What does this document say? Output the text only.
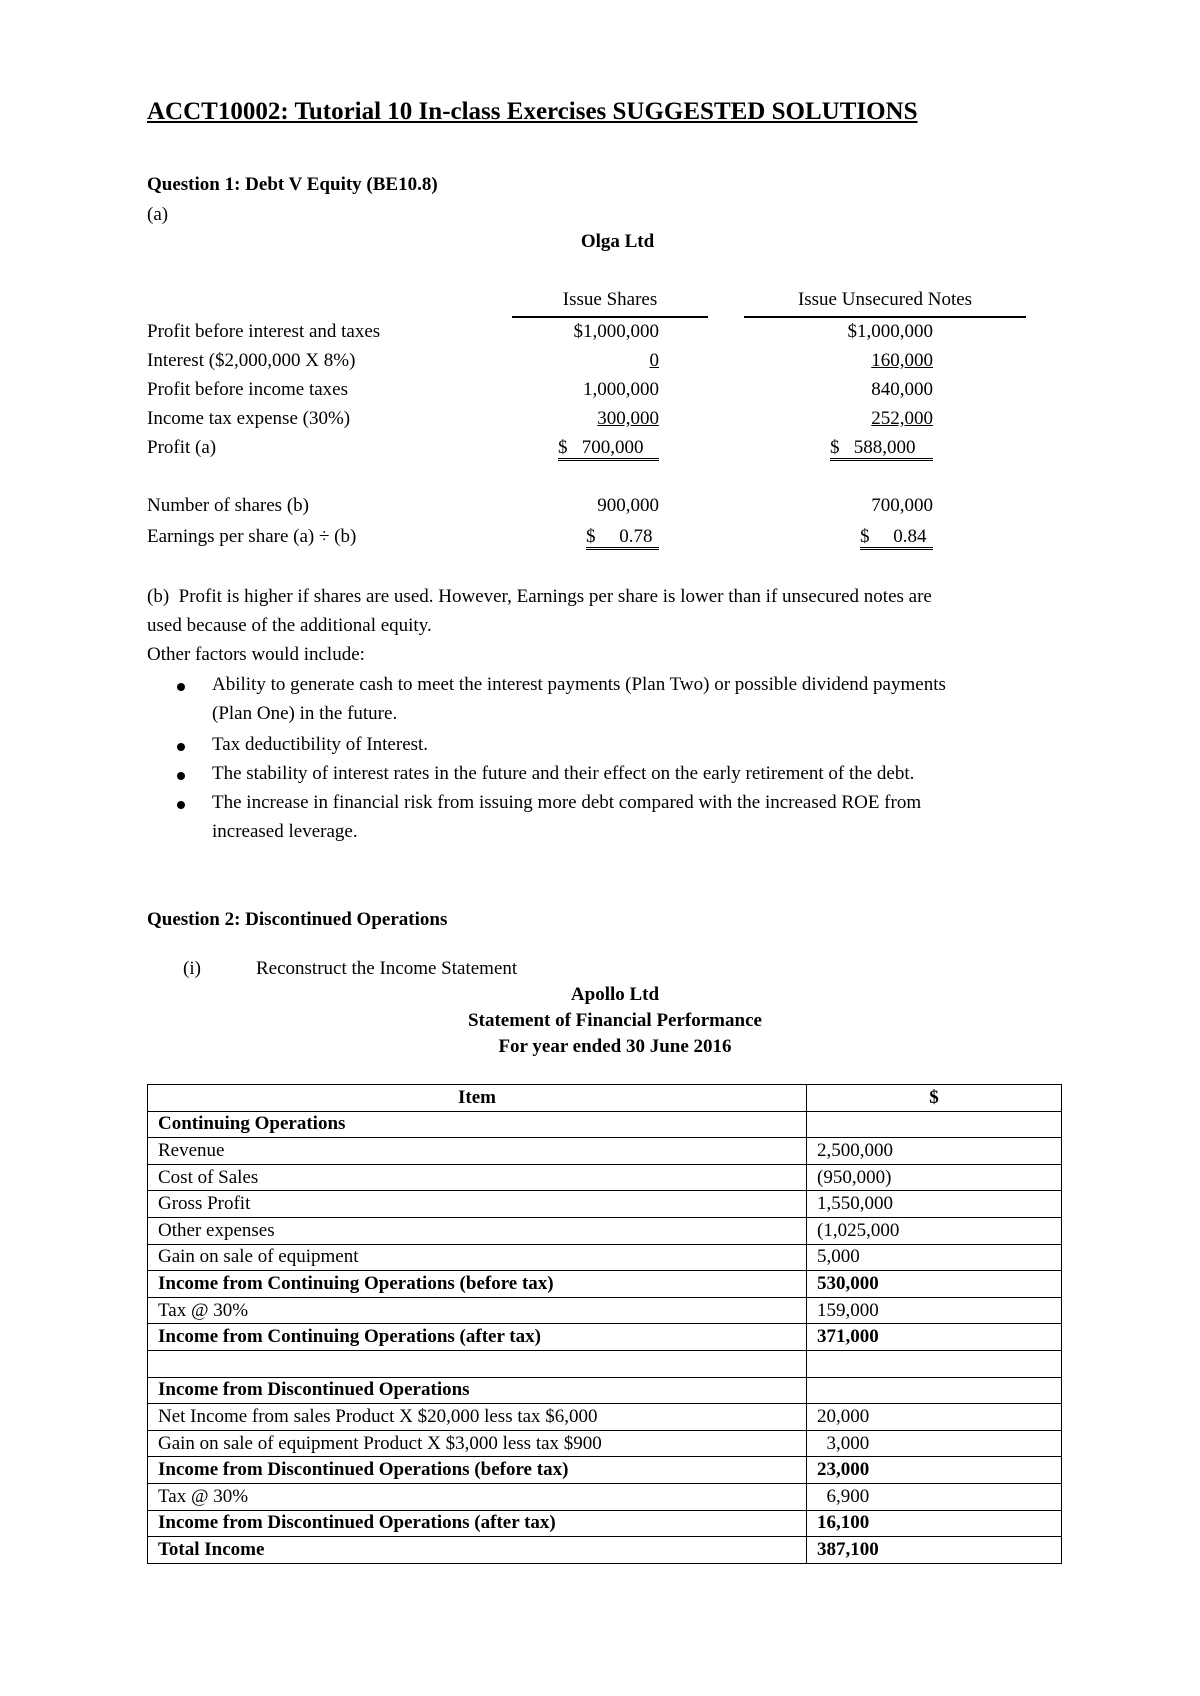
ACCT10002: Tutorial 10 In-class Exercises SUGGESTED SOLUTIONS
Question 1: Debt V Equity (BE10.8)
(a)
Olga Ltd
Issue Shares	Issue Unsecured Notes
Profit before interest and taxes	$1,000,000	$1,000,000
Interest ($2,000,000 X 8%)	0	160,000
Profit before income taxes	1,000,000	840,000
Income tax expense (30%)	300,000	252,000
Profit (a)	$   700,000	$   588,000
Number of shares (b)	900,000	700,000
Earnings per share (a) ÷ (b)	$     0.78	$     0.84
(b)  Profit is higher if shares are used. However, Earnings per share is lower than if unsecured notes are
used because of the additional equity.
Other factors would include:
Ability to generate cash to meet the interest payments (Plan Two) or possible dividend payments
(Plan One) in the future.
Tax deductibility of Interest.
The stability of interest rates in the future and their effect on the early retirement of the debt.
The increase in financial risk from issuing more debt compared with the increased ROE from
increased leverage.
Question 2: Discontinued Operations
(i)	Reconstruct the Income Statement
Apollo Ltd
Statement of Financial Performance
For year ended 30 June 2016
Item	$
Continuing Operations	
Revenue	2,500,000
Cost of Sales	(950,000)
Gross Profit	1,550,000
Other expenses	(1,025,000
Gain on sale of equipment	5,000
Income from Continuing Operations (before tax)	530,000
Tax @ 30%	159,000
Income from Continuing Operations (after tax)	371,000

Income from Discontinued Operations	
Net Income from sales Product X $20,000 less tax $6,000	20,000
Gain on sale of equipment Product X $3,000 less tax $900	3,000
Income from Discontinued Operations (before tax)	23,000
Tax @ 30%	6,900
Income from Discontinued Operations (after tax)	16,100
Total Income	387,100
